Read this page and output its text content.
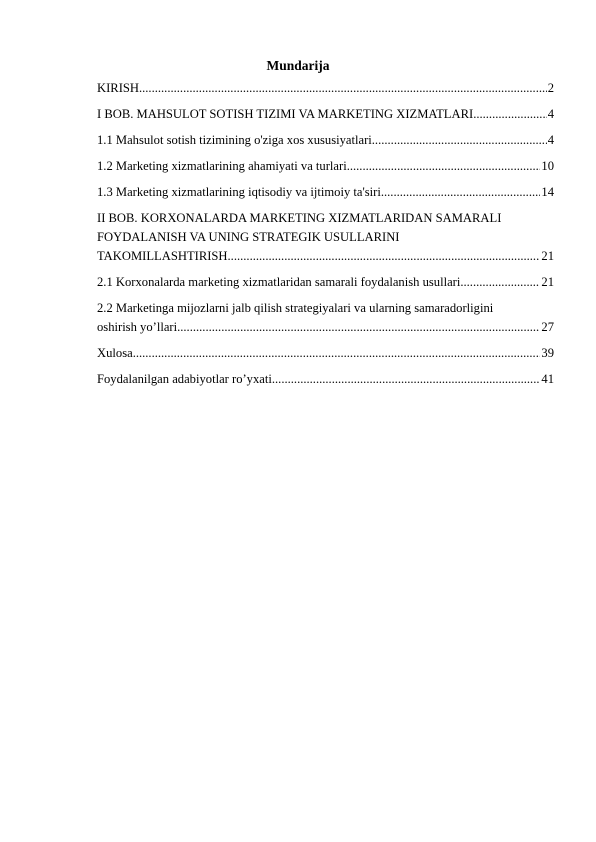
Mundarija
KIRISH .....	2
I BOB. MAHSULOT SOTISH TIZIMI VA MARKETING XIZMATLARI .....	4
1.1 Mahsulot sotish tizimining o'ziga xos xususiyatlari .....	4
1.2 Marketing xizmatlarining ahamiyati va turlari .....	10
1.3 Marketing xizmatlarining iqtisodiy va ijtimoiy ta'siri .....	14
II BOB. KORXONALARDA MARKETING XIZMATLARIDAN SAMARALI
FOYDALANISH VA UNING STRATEGIK USULLARINI
TAKOMILLASHTIRISH .....	21
2.1 Korxonalarda marketing xizmatlaridan samarali foydalanish usullari .....	21
2.2 Marketinga mijozlarni jalb qilish strategiyalari va ularning samaradorligini
oshirish yo’llari .....	27
Xulosa .....	39
Foydalanilgan adabiyotlar ro’yxati .....	41
